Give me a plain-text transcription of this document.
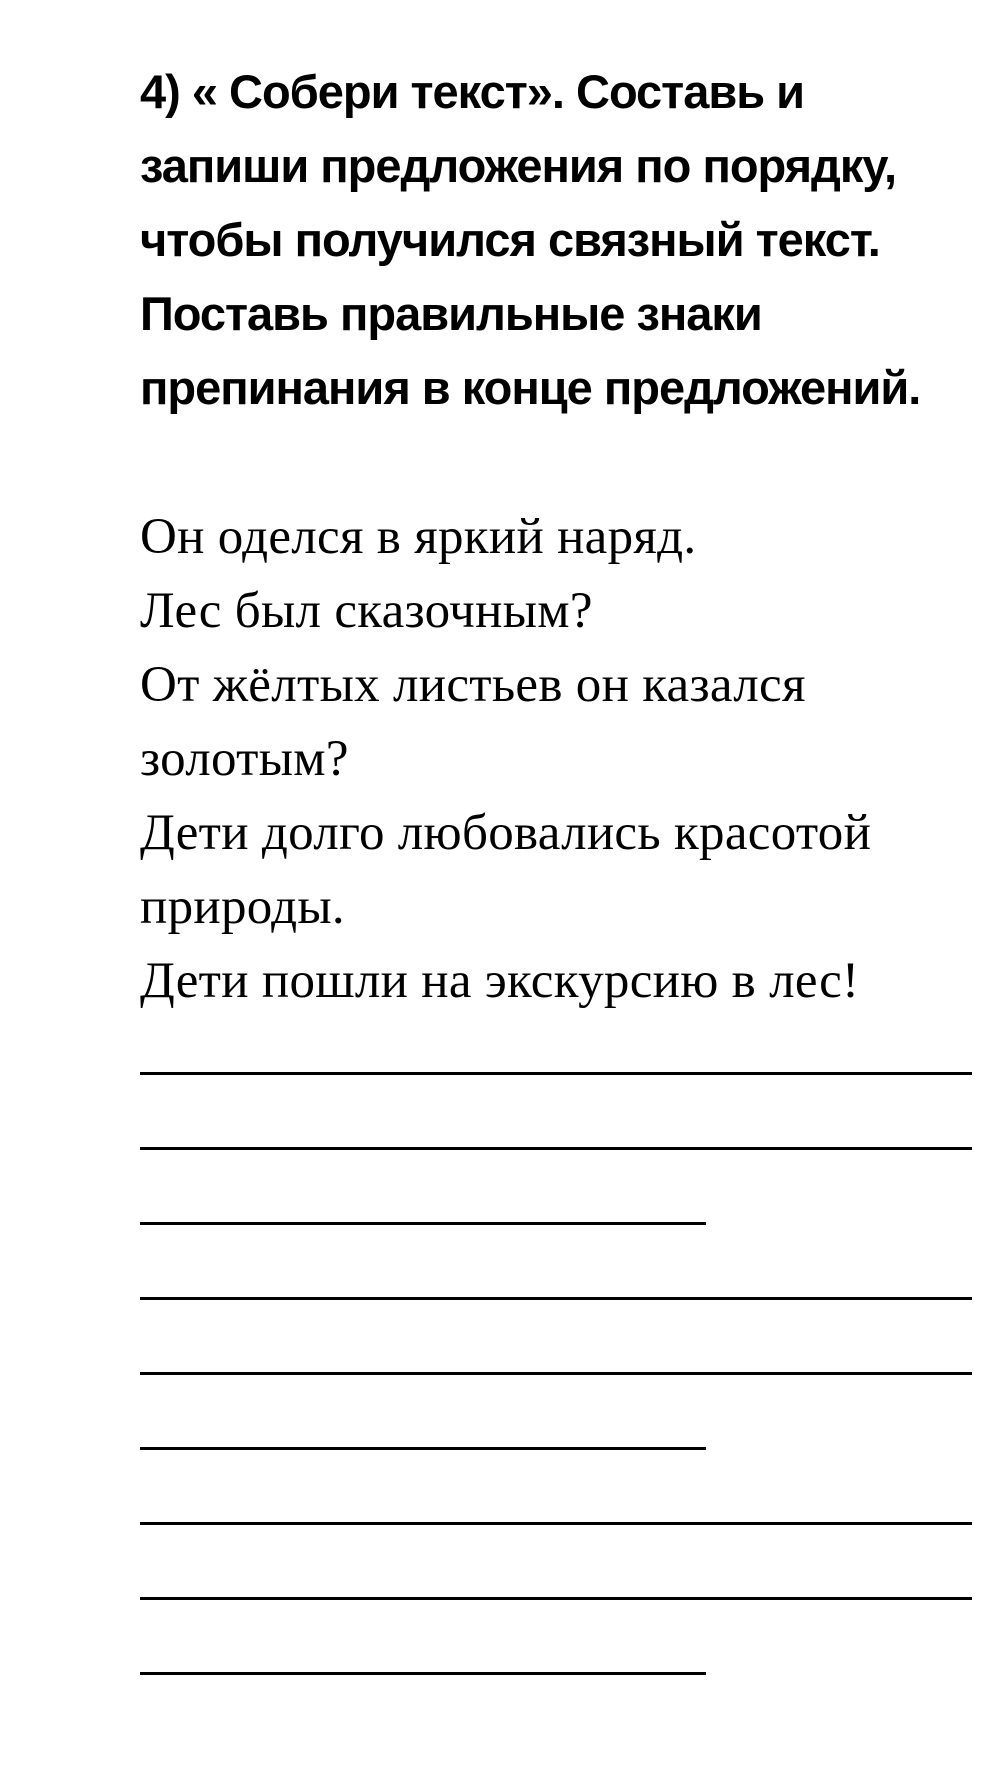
4) « Собери текст». Составь и запиши предложения по порядку, чтобы получился связный текст. Поставь правильные знаки препинания в конце предложений.

Он оделся в яркий наряд.
Лес был сказочным?
От жёлтых листьев он казался золотым?
Дети долго любовались красотой природы.
Дети пошли на экскурсию в лес!
